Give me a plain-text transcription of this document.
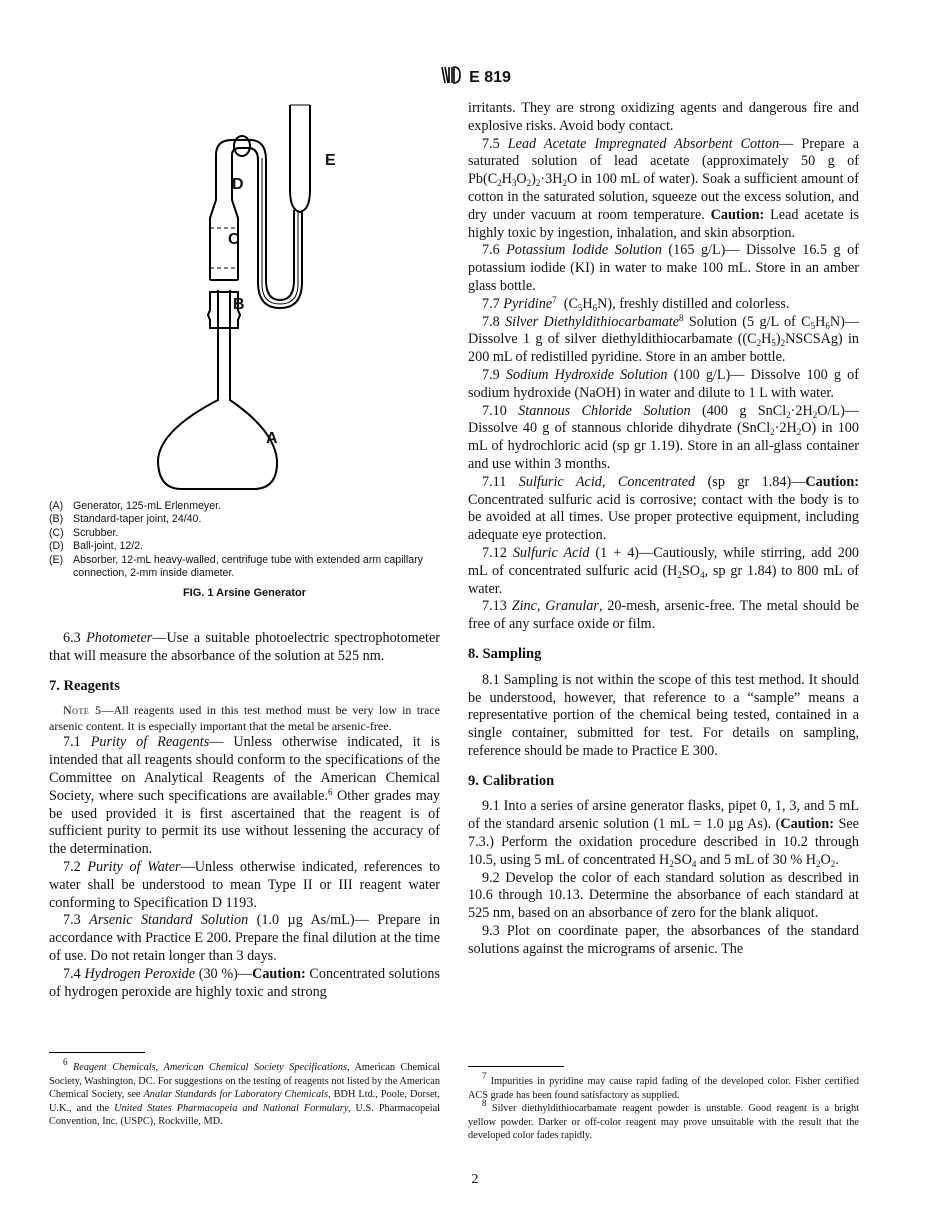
E 819
E
D
C
B
A
(A) Generator, 125-mL Erlenmeyer.
(B) Standard-taper joint, 24/40.
(C) Scrubber.
(D) Ball-joint, 12/2.
(E) Absorber, 12-mL heavy-walled, centrifuge tube with extended arm capillary connection, 2-mm inside diameter.
FIG. 1 Arsine Generator

6.3 Photometer—Use a suitable photoelectric spectrophotometer that will measure the absorbance of the solution at 525 nm.

7. Reagents

Note 5—All reagents used in this test method must be very low in trace arsenic content. It is especially important that the metal be arsenic-free.

7.1 Purity of Reagents— Unless otherwise indicated, it is intended that all reagents should conform to the specifications of the Committee on Analytical Reagents of the American Chemical Society, where such specifications are available.$^6$ Other grades may be used provided it is first ascertained that the reagent is of sufficient purity to permit its use without lessening the accuracy of the determination.

7.2 Purity of Water—Unless otherwise indicated, references to water shall be understood to mean Type II or III reagent water conforming to Specification D 1193.

7.3 Arsenic Standard Solution (1.0 µg As/mL)— Prepare in accordance with Practice E 200. Prepare the final dilution at the time of use. Do not retain longer than 3 days.

7.4 Hydrogen Peroxide (30 %)—Caution: Concentrated solutions of hydrogen peroxide are highly toxic and strong

irritants. They are strong oxidizing agents and dangerous fire and explosive risks. Avoid body contact.

7.5 Lead Acetate Impregnated Absorbent Cotton— Prepare a saturated solution of lead acetate (approximately 50 g of $Pb(C_2H_3O_2)_2\cdot 3H_2O$ in 100 mL of water). Soak a sufficient amount of cotton in the saturated solution, squeeze out the excess solution, and dry under vacuum at room temperature. Caution: Lead acetate is highly toxic by ingestion, inhalation, and skin absorption.

7.6 Potassium Iodide Solution (165 g/L)— Dissolve 16.5 g of potassium iodide (KI) in water to make 100 mL. Store in an amber glass bottle.

7.7 Pyridine$^7$  $(C_5H_6N)$, freshly distilled and colorless.

7.8 Silver Diethyldithiocarbamate$^8$ Solution (5 g/L of $C_5H_6N)—Dissolve$ 1 g of silver diethyldithiocarbamate $((C_2H_5)_2NSCSAg)$ in 200 mL of redistilled pyridine. Store in an amber bottle.

7.9 Sodium Hydroxide Solution (100 g/L)— Dissolve 100 g of sodium hydroxide (NaOH) in water and dilute to 1 L with water.

7.10 Stannous Chloride Solution (400 g $SnCl_2\cdot 2H_2O/L)—$ Dissolve 40 g of stannous chloride dihydrate $(SnCl_2\cdot 2H_2O)$ in 100 mL of hydrochloric acid (sp gr 1.19). Store in an all-glass container and use within 3 months.

7.11 Sulfuric Acid, Concentrated (sp gr 1.84)—Caution: Concentrated sulfuric acid is corrosive; contact with the body is to be avoided at all times. Use proper protective equipment, including adequate eye protection.

7.12 Sulfuric Acid (1 + 4)—Cautiously, while stirring, add 200 mL of concentrated sulfuric acid ($H_2SO_4$, sp gr 1.84) to 800 mL of water.

7.13 Zinc, Granular, 20-mesh, arsenic-free. The metal should be free of any surface oxide or film.

8. Sampling

8.1 Sampling is not within the scope of this test method. It should be understood, however, that reference to a “sample” means a representative portion of the chemical being tested, contained in a single container, submitted for test. For details on sampling, reference should be made to Practice E 300.

9. Calibration

9.1 Into a series of arsine generator flasks, pipet 0, 1, 3, and 5 mL of the standard arsenic solution (1 mL = 1.0 µg As). (Caution: See 7.3.) Perform the oxidation procedure described in 10.2 through 10.5, using 5 mL of concentrated $H_2SO_4$ and 5 mL of 30 % $H_2O_2$.

9.2 Develop the color of each standard solution as described in 10.6 through 10.13. Determine the absorbance of each standard at 525 nm, based on an absorbance of zero for the blank aliquot.

9.3 Plot on coordinate paper, the absorbances of the standard solutions against the micrograms of arsenic. The

$^6$ Reagent Chemicals, American Chemical Society Specifications, American Chemical Society, Washington, DC. For suggestions on the testing of reagents not listed by the American Chemical Society, see Analar Standards for Laboratory Chemicals, BDH Ltd., Poole, Dorset, U.K., and the United States Pharmacopeia and National Formulary, U.S. Pharmacopeial Convention, Inc. (USPC), Rockville, MD.
$^7$ Impurities in pyridine may cause rapid fading of the developed color. Fisher certified ACS grade has been found satisfactory as supplied.
$^8$ Silver diethyldithiocarbamate reagent powder is unstable. Good reagent is a bright yellow powder. Darker or off-color reagent may prove unsuitable with the result that the developed color fades rapidly.
2
